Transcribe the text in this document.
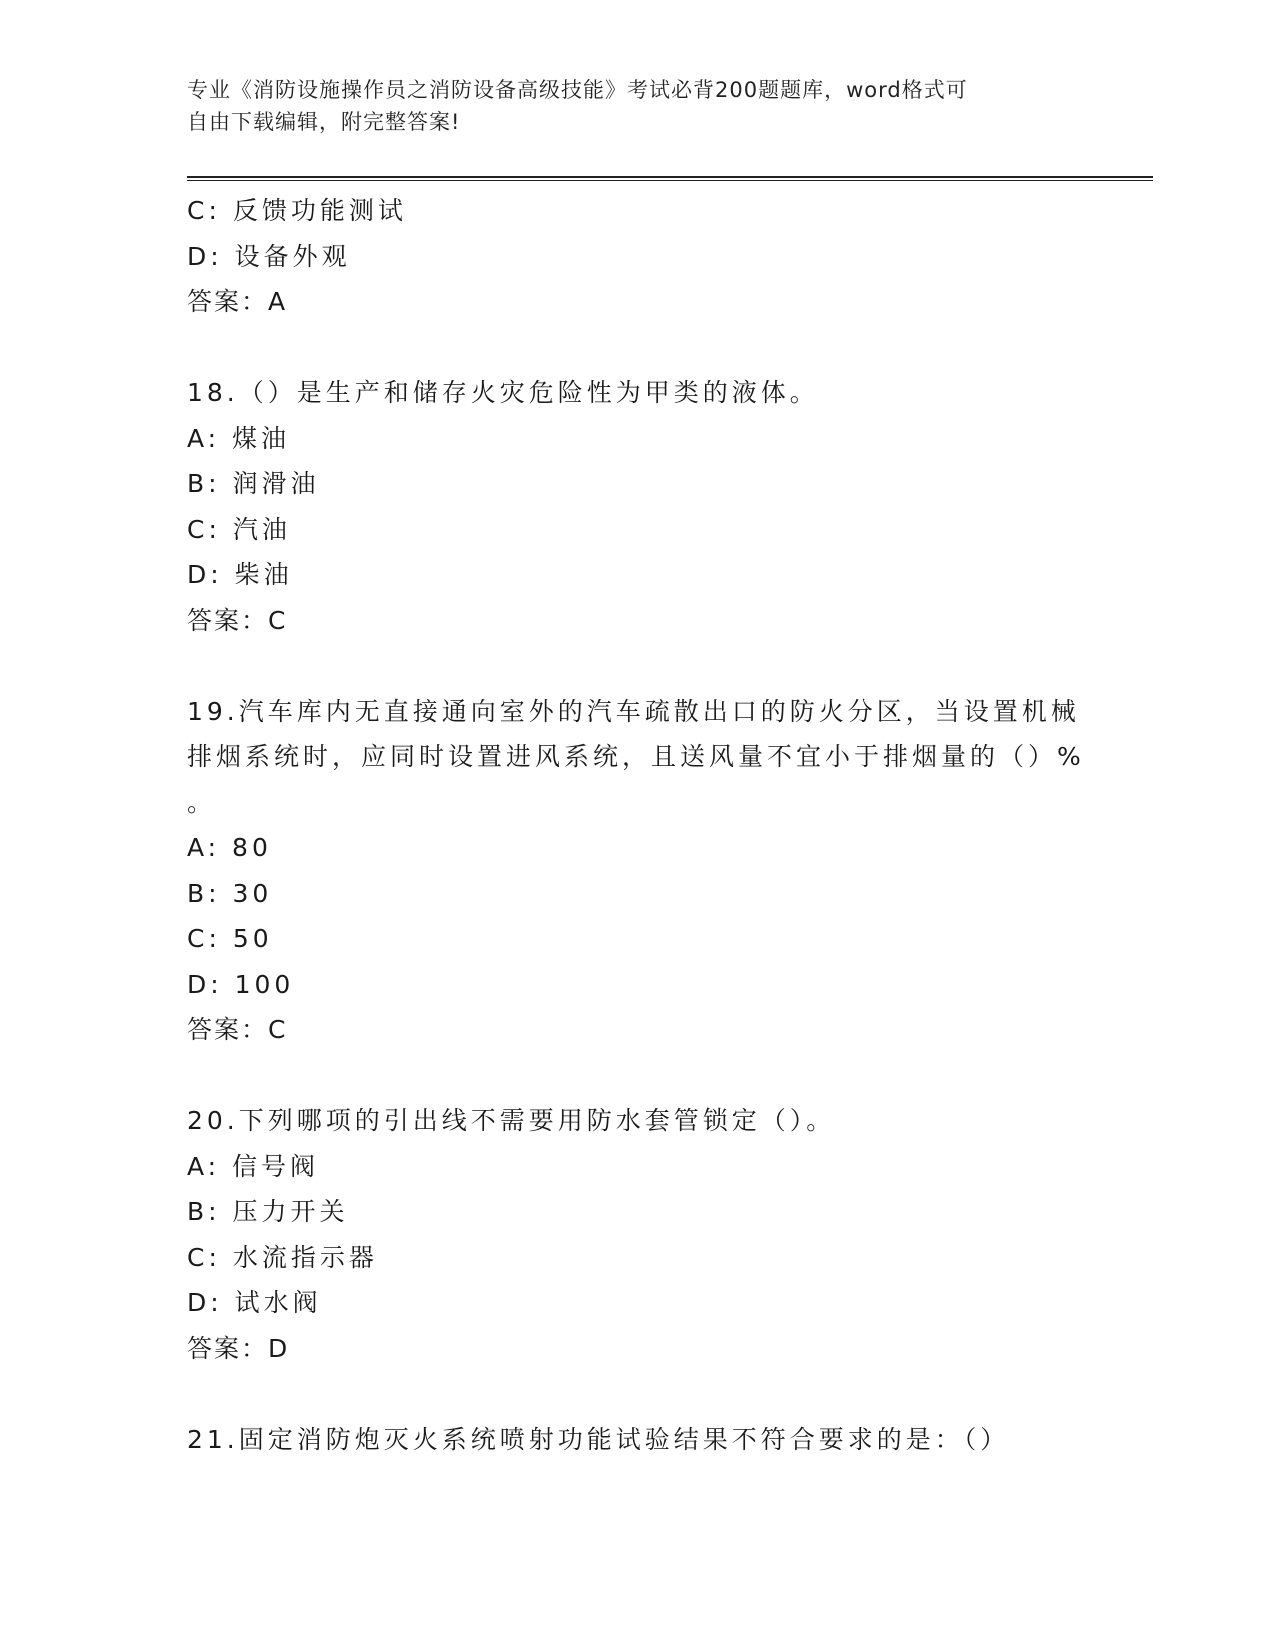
专业《消防设施操作员之消防设备高级技能》考试必背200题题库，word格式可
自由下载编辑，附完整答案!
C: 反馈功能测试
D: 设备外观
答案：A
18.（）是生产和储存火灾危险性为甲类的液体。
A: 煤油
B: 润滑油
C: 汽油
D: 柴油
答案：C
19.汽车库内无直接通向室外的汽车疏散出口的防火分区，当设置机械
排烟系统时，应同时设置进风系统，且送风量不宜小于排烟量的（）%
。
A: 80
B: 30
C: 50
D: 100
答案：C
20.下列哪项的引出线不需要用防水套管锁定（）。
A: 信号阀
B: 压力开关
C: 水流指示器
D: 试水阀
答案：D
21.固定消防炮灭火系统喷射功能试验结果不符合要求的是：（）
